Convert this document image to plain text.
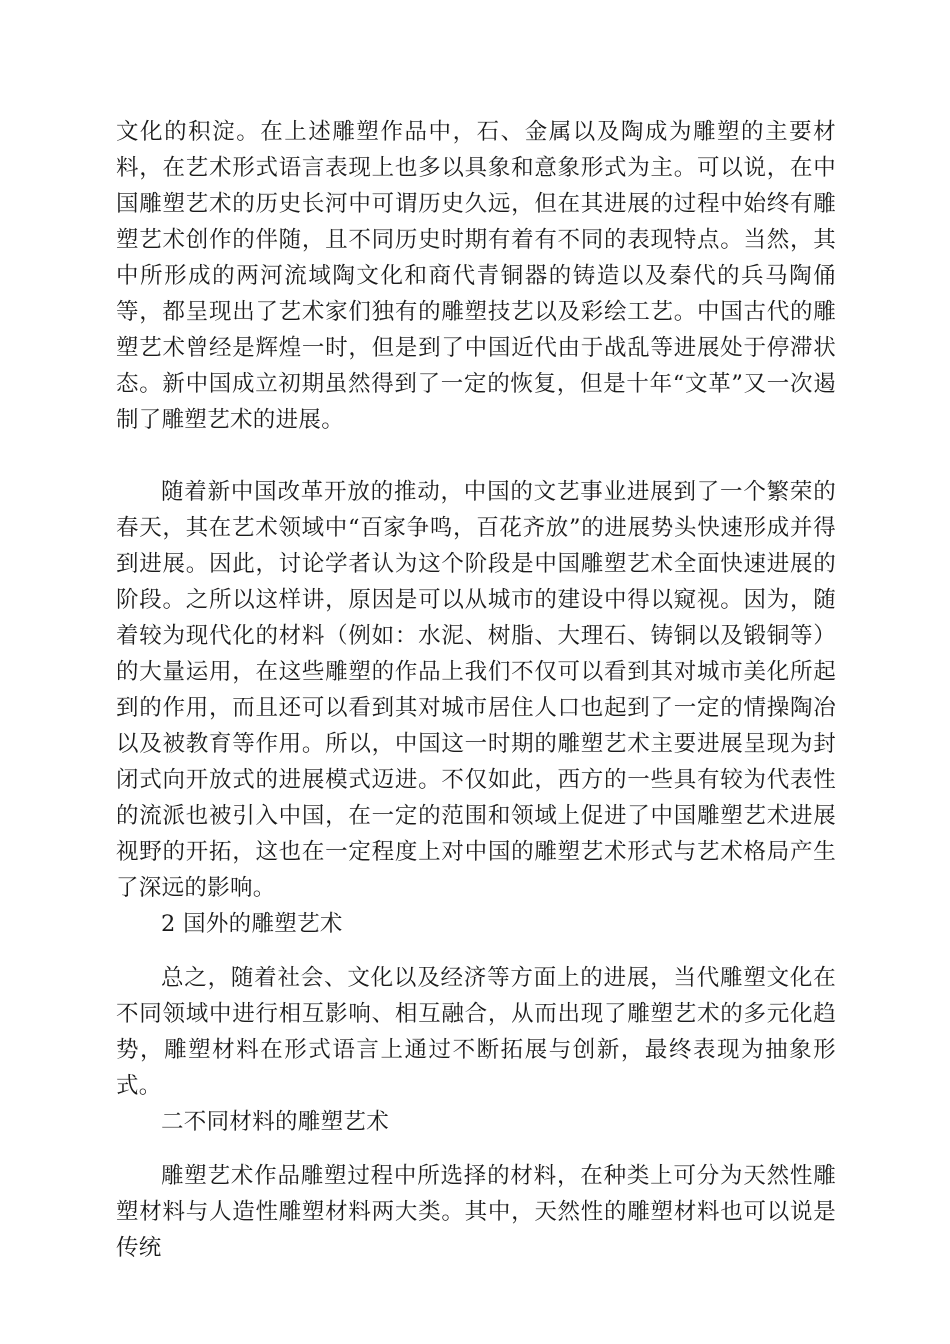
文化的积淀。在上述雕塑作品中，石、金属以及陶成为雕塑的主要材料，在艺术形式语言表现上也多以具象和意象形式为主。可以说，在中国雕塑艺术的历史长河中可谓历史久远，但在其进展的过程中始终有雕塑艺术创作的伴随，且不同历史时期有着有不同的表现特点。当然，其中所形成的两河流域陶文化和商代青铜器的铸造以及秦代的兵马陶俑等，都呈现出了艺术家们独有的雕塑技艺以及彩绘工艺。中国古代的雕塑艺术曾经是辉煌一时，但是到了中国近代由于战乱等进展处于停滞状态。新中国成立初期虽然得到了一定的恢复，但是十年“文革”又一次遏制了雕塑艺术的进展。

随着新中国改革开放的推动，中国的文艺事业进展到了一个繁荣的春天，其在艺术领域中“百家争鸣，百花齐放”的进展势头快速形成并得到进展。因此，讨论学者认为这个阶段是中国雕塑艺术全面快速进展的阶段。之所以这样讲，原因是可以从城市的建设中得以窥视。因为，随着较为现代化的材料（例如：水泥、树脂、大理石、铸铜以及锻铜等）的大量运用，在这些雕塑的作品上我们不仅可以看到其对城市美化所起到的作用，而且还可以看到其对城市居住人口也起到了一定的情操陶冶以及被教育等作用。所以，中国这一时期的雕塑艺术主要进展呈现为封闭式向开放式的进展模式迈进。不仅如此，西方的一些具有较为代表性的流派也被引入中国，在一定的范围和领域上促进了中国雕塑艺术进展视野的开拓，这也在一定程度上对中国的雕塑艺术形式与艺术格局产生了深远的影响。

2 国外的雕塑艺术

总之，随着社会、文化以及经济等方面上的进展，当代雕塑文化在不同领域中进行相互影响、相互融合，从而出现了雕塑艺术的多元化趋势，雕塑材料在形式语言上通过不断拓展与创新，最终表现为抽象形式。

二不同材料的雕塑艺术

雕塑艺术作品雕塑过程中所选择的材料，在种类上可分为天然性雕塑材料与人造性雕塑材料两大类。其中，天然性的雕塑材料也可以说是传统
